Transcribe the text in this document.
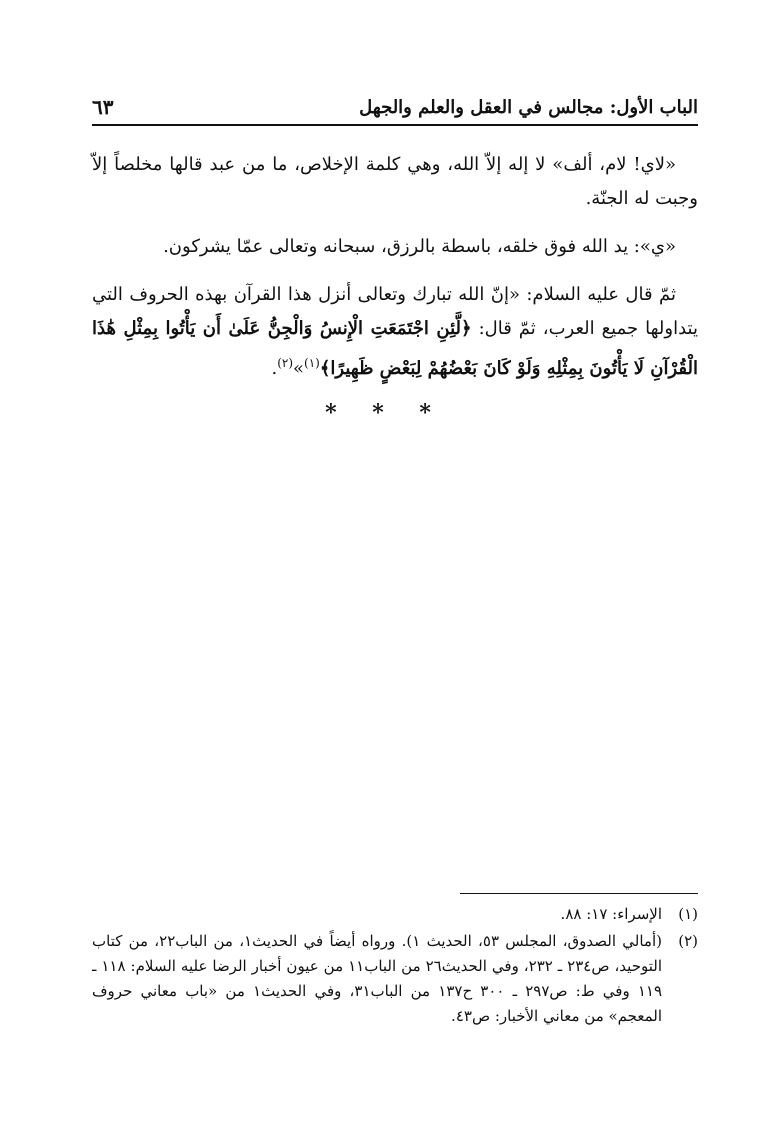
الباب الأول: مجالس في العقل والعلم والجهل
٦٣

«لاي! لام، ألف» لا إله إلاّ الله، وهي كلمة الإخلاص، ما من عبد قالها مخلصاً إلاّ وجبت له الجنّة.

«ي»: يد الله فوق خلقه، باسطة بالرزق، سبحانه وتعالى عمّا يشركون.

ثمّ قال عليه السلام: «إنّ الله تبارك وتعالى أنزل هذا القرآن بهذه الحروف التي يتداولها جميع العرب، ثمّ قال: ﴿لَّئِنِ اجْتَمَعَتِ الْإِنسُ وَالْجِنُّ عَلَىٰ أَن يَأْتُوا بِمِثْلِ هَٰذَا الْقُرْآنِ لَا يَأْتُونَ بِمِثْلِهِ وَلَوْ كَانَ بَعْضُهُمْ لِبَعْضٍ ظَهِيرًا﴾$^{(١)}$»$^{(٢)}$.

* * *
(١)
الإسراء: ١٧: ٨٨.
(٢)
(أمالي الصدوق، المجلس ٥٣، الحديث ١). ورواه أيضاً في الحديث١، من الباب٢٢، من كتاب التوحيد، ص٢٣٤ ـ ٢٣٢، وفي الحديث٢٦ من الباب١١ من عيون أخبار الرضا عليه السلام: ١١٨ ـ ١١٩ وفي ط: ص٢٩٧ ـ ٣٠٠ ح١٣٧ من الباب٣١، وفي الحديث١ من «باب معاني حروف المعجم» من معاني الأخبار: ص٤٣.
